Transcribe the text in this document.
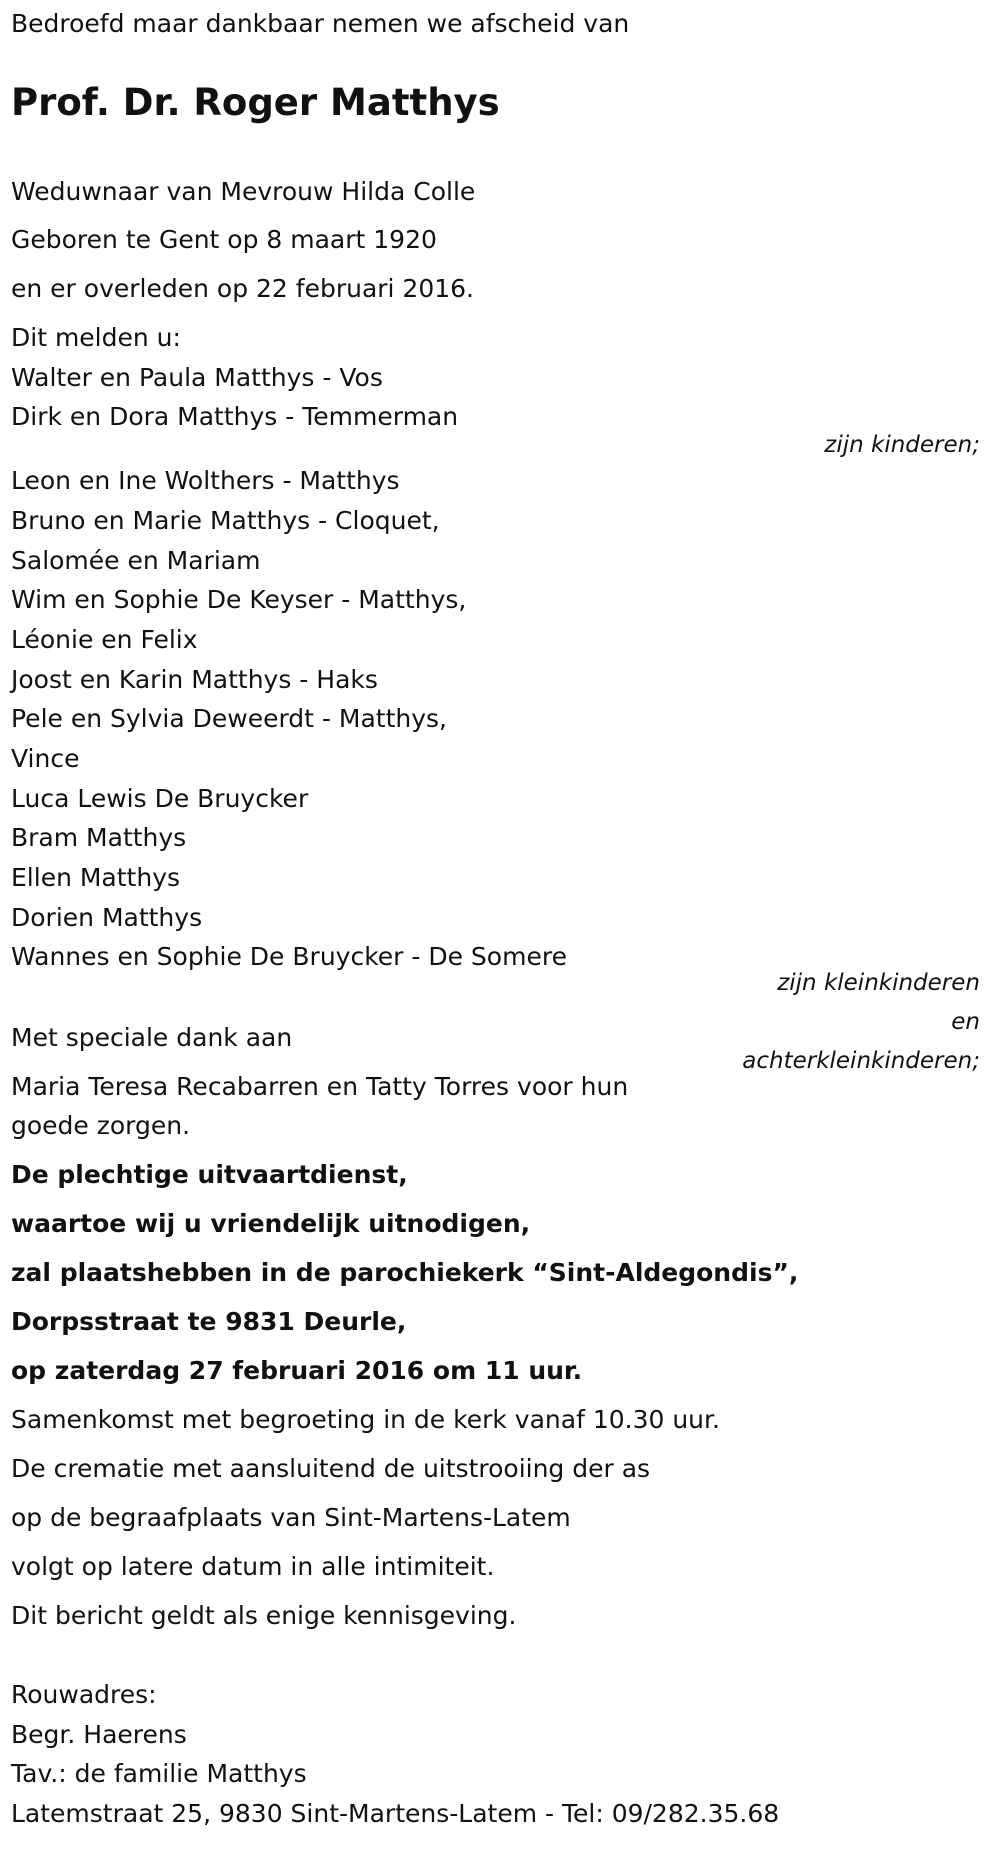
Bedroefd maar dankbaar nemen we afscheid van
Prof. Dr. Roger Matthys
Weduwnaar van Mevrouw Hilda Colle
Geboren te Gent op 8 maart 1920
en er overleden op 22 februari 2016.
Dit melden u:
Walter en Paula Matthys - Vos
Dirk en Dora Matthys - Temmerman
zijn kinderen;
Leon en Ine Wolthers - Matthys
Bruno en Marie Matthys - Cloquet,
Salomée en Mariam
Wim en Sophie De Keyser - Matthys,
Léonie en Felix
Joost en Karin Matthys - Haks
Pele en Sylvia Deweerdt - Matthys,
Vince
Luca Lewis De Bruycker
Bram Matthys
Ellen Matthys
Dorien Matthys
Wannes en Sophie De Bruycker - De Somere
zijn kleinkinderen
en
achterkleinkinderen;
Met speciale dank aan
Maria Teresa Recabarren en Tatty Torres voor hun
goede zorgen.
De plechtige uitvaartdienst,
waartoe wij u vriendelijk uitnodigen,
zal plaatshebben in de parochiekerk “Sint-Aldegondis”,
Dorpsstraat te 9831 Deurle,
op zaterdag 27 februari 2016 om 11 uur.
Samenkomst met begroeting in de kerk vanaf 10.30 uur.
De crematie met aansluitend de uitstrooiing der as
op de begraafplaats van Sint-Martens-Latem
volgt op latere datum in alle intimiteit.
Dit bericht geldt als enige kennisgeving.
Rouwadres:
Begr. Haerens
Tav.: de familie Matthys
Latemstraat 25, 9830 Sint-Martens-Latem - Tel: 09/282.35.68
